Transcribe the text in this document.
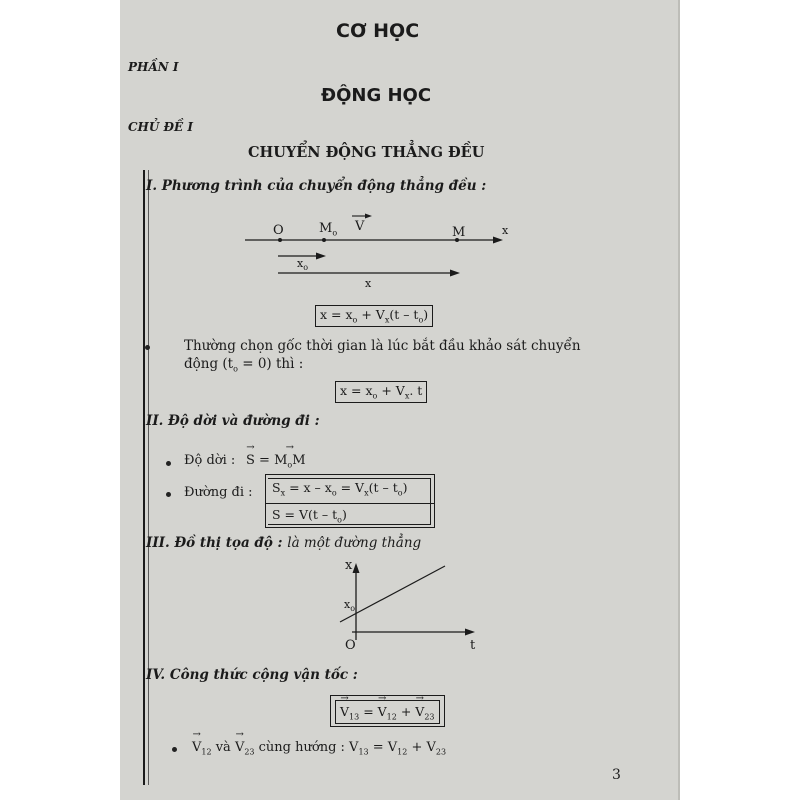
CƠ HỌC
PHẦN I
ĐỘNG HỌC
CHỦ ĐỀ I
CHUYỂN ĐỘNG THẲNG ĐỀU
I. Phương trình của chuyển động thẳng đều :
O	$M_o$ V	M	x
$x_o$
x
$x = x_o + V_x(t - t_o)$
Thường chọn gốc thời gian là lúc bắt đầu khảo sát chuyển
động $(t_o = 0)$ thì :
$x = x_o + V_x$. t
II. Độ dời và đường đi :
Độ dời :
→ S = → $M_oM$
Đường đi : $S_x = x - x_o = V_x(t - t_o)$
$S = V(t - t_o)$
III. Đồ thị tọa độ : là một đường thẳng
x
$x_o$
O	t
IV. Công thức cộng vận tốc :
→ $V_{13}$ = → $V_{12}$ + → $V_{23}$
→ $V_{12}$ và → $V_{23}$ cùng hướng : $V_{13} = V_{12} + V_{23}$
3
